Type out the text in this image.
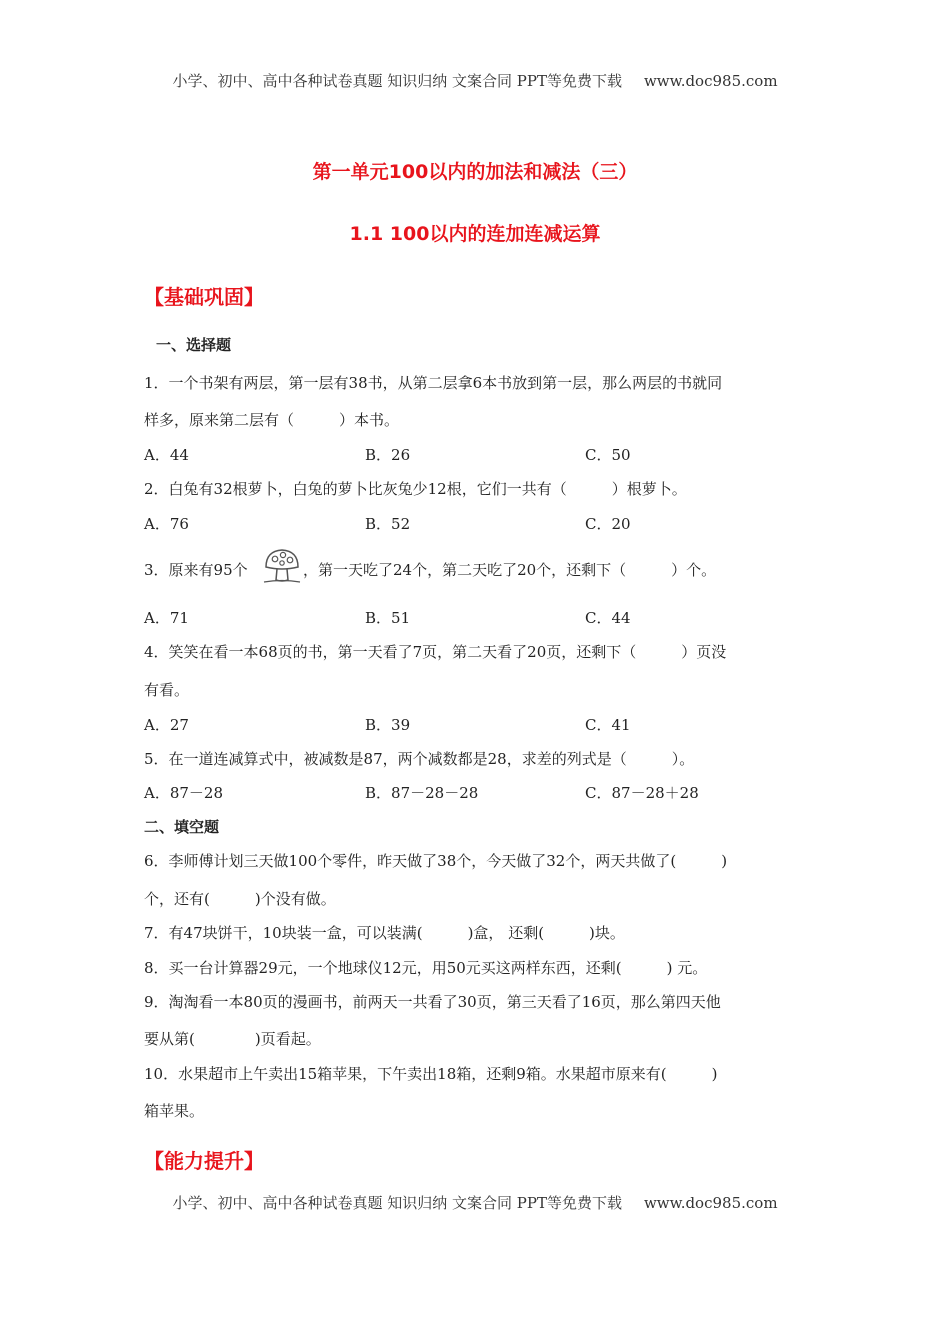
小学、初中、高中各种试卷真题 知识归纳 文案合同 PPT等免费下载 www.doc985.com
第一单元100以内的加法和减法（三）
1.1 100以内的连加连减运算
【基础巩固】
一、选择题
1．一个书架有两层，第一层有38书，从第二层拿6本书放到第一层，那么两层的书就同
样多，原来第二层有（　　　）本书。
A．44	B．26	C．50
2．白兔有32根萝卜，白兔的萝卜比灰兔少12根，它们一共有（　　　）根萝卜。
A．76	B．52	C．20
3．原来有95个	，第一天吃了24个，第二天吃了20个，还剩下（　　　）个。
A．71	B．51	C．44
4．笑笑在看一本68页的书，第一天看了7页，第二天看了20页，还剩下（　　　）页没
有看。
A．27	B．39	C．41
5．在一道连减算式中，被减数是87，两个减数都是28，求差的列式是（　　　）。
A．87－28	B．87－28－28	C．87－28＋28
二、填空题
6．李师傅计划三天做100个零件，昨天做了38个，今天做了32个，两天共做了(　　　)
个，还有(　　　)个没有做。
7．有47块饼干，10块装一盒，可以装满(　　　)盒， 还剩(　　　)块。
8．买一台计算器29元，一个地球仪12元，用50元买这两样东西，还剩(　　　) 元。
9．淘淘看一本80页的漫画书，前两天一共看了30页，第三天看了16页，那么第四天他
要从第(　　　　)页看起。
10．水果超市上午卖出15箱苹果，下午卖出18箱，还剩9箱。水果超市原来有(　　　)
箱苹果。
【能力提升】
小学、初中、高中各种试卷真题 知识归纳 文案合同 PPT等免费下载 www.doc985.com
